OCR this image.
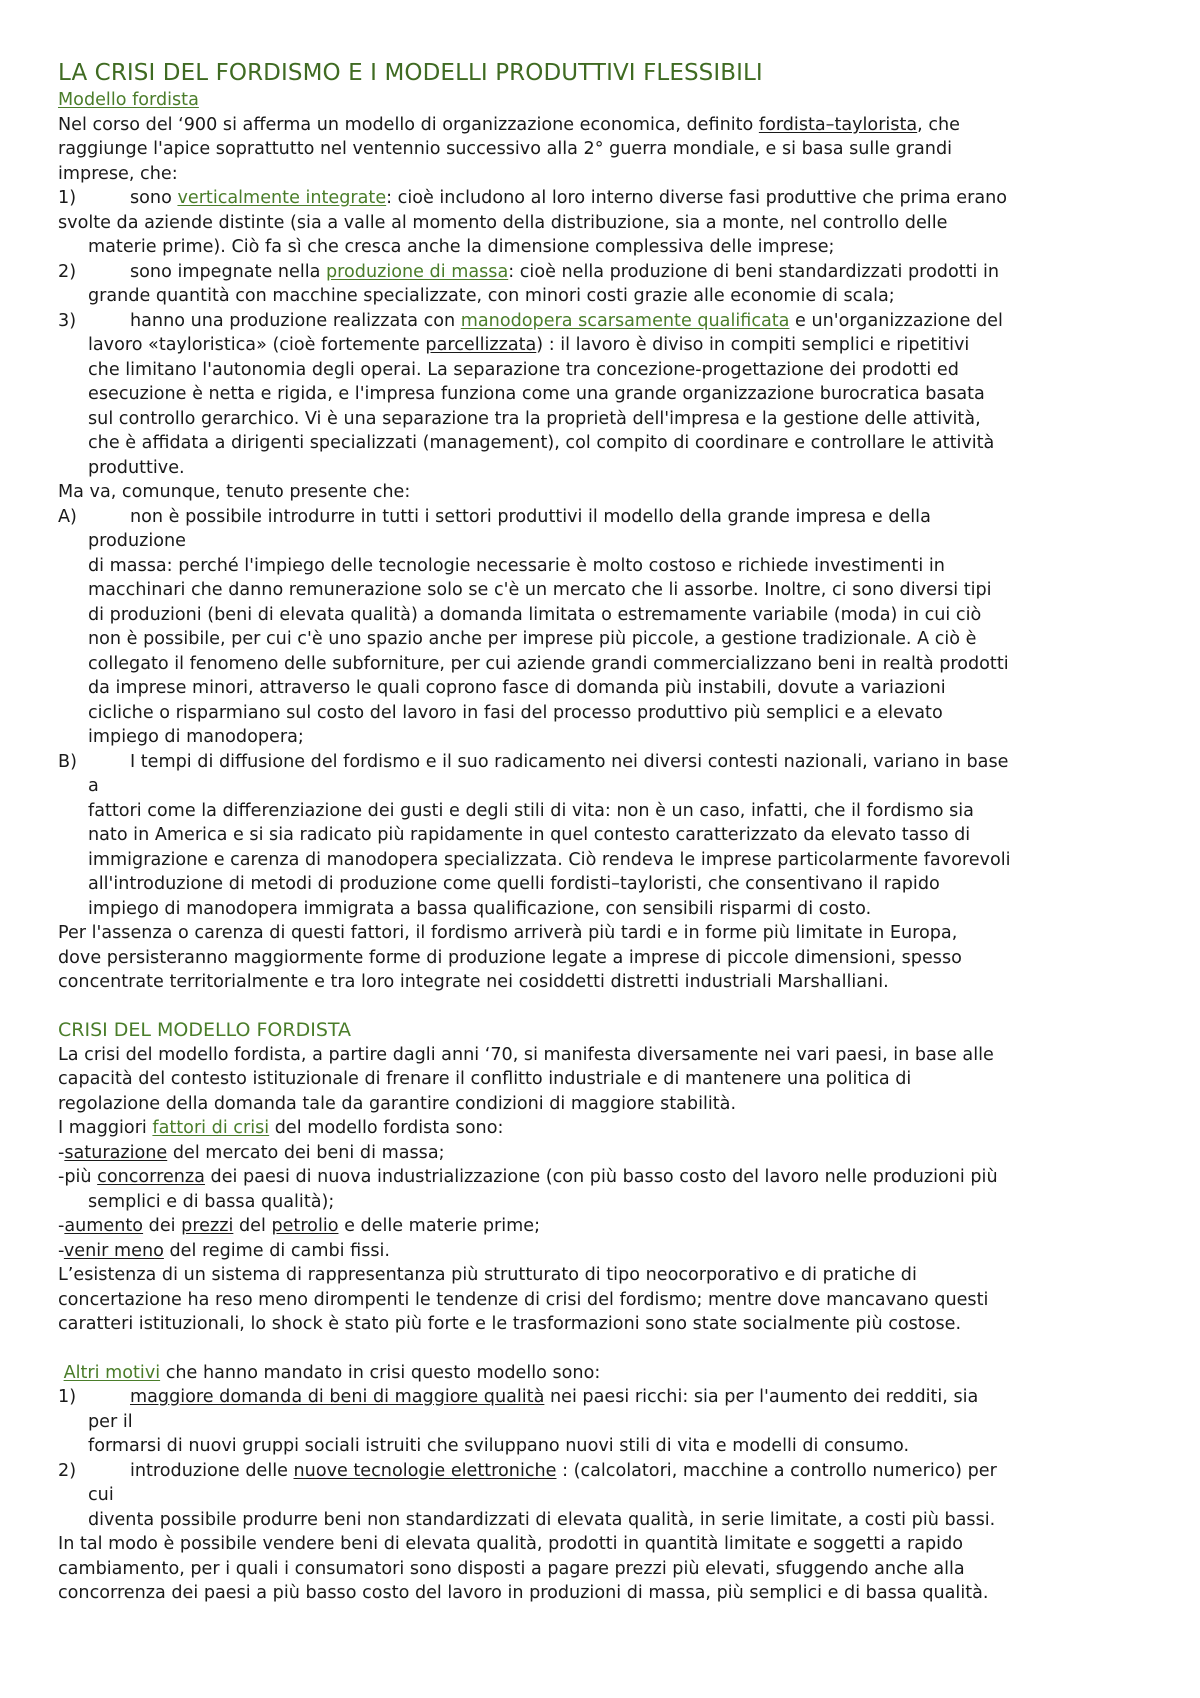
LA CRISI DEL FORDISMO E I MODELLI PRODUTTIVI FLESSIBILI
Modello fordista
Nel corso del ‘900 si afferma un modello di organizzazione economica, definito fordista–taylorista, che
raggiunge l'apice soprattutto nel ventennio successivo alla 2° guerra mondiale, e si basa sulle grandi
imprese, che:
1)	sono verticalmente integrate: cioè includono al loro interno diverse fasi produttive che prima erano
svolte da aziende distinte (sia a valle al momento della distribuzione, sia a monte, nel controllo delle
materie prime). Ciò fa sì che cresca anche la dimensione complessiva delle imprese;
2)	sono impegnate nella produzione di massa: cioè nella produzione di beni standardizzati prodotti in
grande quantità con macchine specializzate, con minori costi grazie alle economie di scala;
3)	hanno una produzione realizzata con manodopera scarsamente qualificata e un'organizzazione del
lavoro «tayloristica» (cioè fortemente parcellizzata) : il lavoro è diviso in compiti semplici e ripetitivi
che limitano l'autonomia degli operai. La separazione tra concezione-progettazione dei prodotti ed
esecuzione è netta e rigida, e l'impresa funziona come una grande organizzazione burocratica basata
sul controllo gerarchico. Vi è una separazione tra la proprietà dell'impresa e la gestione delle attività,
che è affidata a dirigenti specializzati (management), col compito di coordinare e controllare le attività
produttive.
Ma va, comunque, tenuto presente che:
A)	non è possibile introdurre in tutti i settori produttivi il modello della grande impresa e della
produzione
di massa: perché l'impiego delle tecnologie necessarie è molto costoso e richiede investimenti in
macchinari che danno remunerazione solo se c'è un mercato che li assorbe. Inoltre, ci sono diversi tipi
di produzioni (beni di elevata qualità) a domanda limitata o estremamente variabile (moda) in cui ciò
non è possibile, per cui c'è uno spazio anche per imprese più piccole, a gestione tradizionale. A ciò è
collegato il fenomeno delle subforniture, per cui aziende grandi commercializzano beni in realtà prodotti
da imprese minori, attraverso le quali coprono fasce di domanda più instabili, dovute a variazioni
cicliche o risparmiano sul costo del lavoro in fasi del processo produttivo più semplici e a elevato
impiego di manodopera;
B)	I tempi di diffusione del fordismo e il suo radicamento nei diversi contesti nazionali, variano in base
a
fattori come la differenziazione dei gusti e degli stili di vita: non è un caso, infatti, che il fordismo sia
nato in America e si sia radicato più rapidamente in quel contesto caratterizzato da elevato tasso di
immigrazione e carenza di manodopera specializzata. Ciò rendeva le imprese particolarmente favorevoli
all'introduzione di metodi di produzione come quelli fordisti–tayloristi, che consentivano il rapido
impiego di manodopera immigrata a bassa qualificazione, con sensibili risparmi di costo.
Per l'assenza o carenza di questi fattori, il fordismo arriverà più tardi e in forme più limitate in Europa,
dove persisteranno maggiormente forme di produzione legate a imprese di piccole dimensioni, spesso
concentrate territorialmente e tra loro integrate nei cosiddetti distretti industriali Marshalliani.
CRISI DEL MODELLO FORDISTA
La crisi del modello fordista, a partire dagli anni ‘70, si manifesta diversamente nei vari paesi, in base alle
capacità del contesto istituzionale di frenare il conflitto industriale e di mantenere una politica di
regolazione della domanda tale da garantire condizioni di maggiore stabilità.
I maggiori fattori di crisi del modello fordista sono:
-saturazione del mercato dei beni di massa;
-più concorrenza dei paesi di nuova industrializzazione (con più basso costo del lavoro nelle produzioni più
semplici e di bassa qualità);
-aumento dei prezzi del petrolio e delle materie prime;
-venir meno del regime di cambi fissi.
L’esistenza di un sistema di rappresentanza più strutturato di tipo neocorporativo e di pratiche di
concertazione ha reso meno dirompenti le tendenze di crisi del fordismo; mentre dove mancavano questi
caratteri istituzionali, lo shock è stato più forte e le trasformazioni sono state socialmente più costose.
Altri motivi che hanno mandato in crisi questo modello sono:
1)	maggiore domanda di beni di maggiore qualità nei paesi ricchi: sia per l'aumento dei redditi, sia
per il
formarsi di nuovi gruppi sociali istruiti che sviluppano nuovi stili di vita e modelli di consumo.
2)	introduzione delle nuove tecnologie elettroniche : (calcolatori, macchine a controllo numerico) per
cui
diventa possibile produrre beni non standardizzati di elevata qualità, in serie limitate, a costi più bassi.
In tal modo è possibile vendere beni di elevata qualità, prodotti in quantità limitate e soggetti a rapido
cambiamento, per i quali i consumatori sono disposti a pagare prezzi più elevati, sfuggendo anche alla
concorrenza dei paesi a più basso costo del lavoro in produzioni di massa, più semplici e di bassa qualità.
